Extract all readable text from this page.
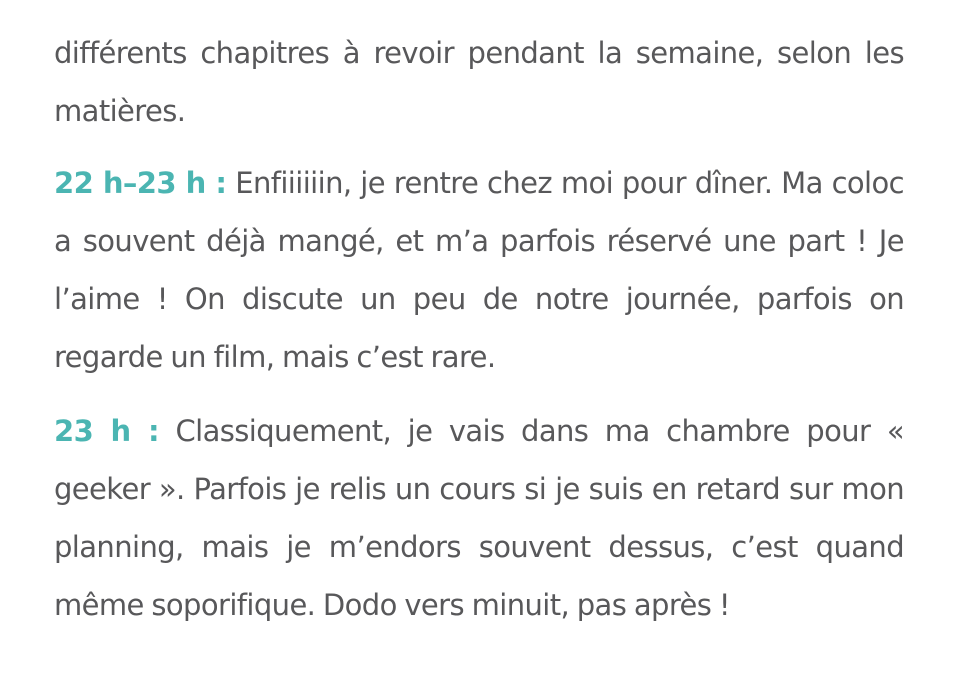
différents chapitres à revoir pendant la semaine, selon les matières.

22 h–23 h : Enfiiiiiin, je rentre chez moi pour dîner. Ma coloc a souvent déjà mangé, et m’a parfois réservé une part ! Je l’aime ! On discute un peu de notre journée, parfois on regarde un film, mais c’est rare.

23 h : Classiquement, je vais dans ma chambre pour « geeker ». Parfois je relis un cours si je suis en retard sur mon planning, mais je m’endors souvent dessus, c’est quand même soporifique. Dodo vers minuit, pas après !
